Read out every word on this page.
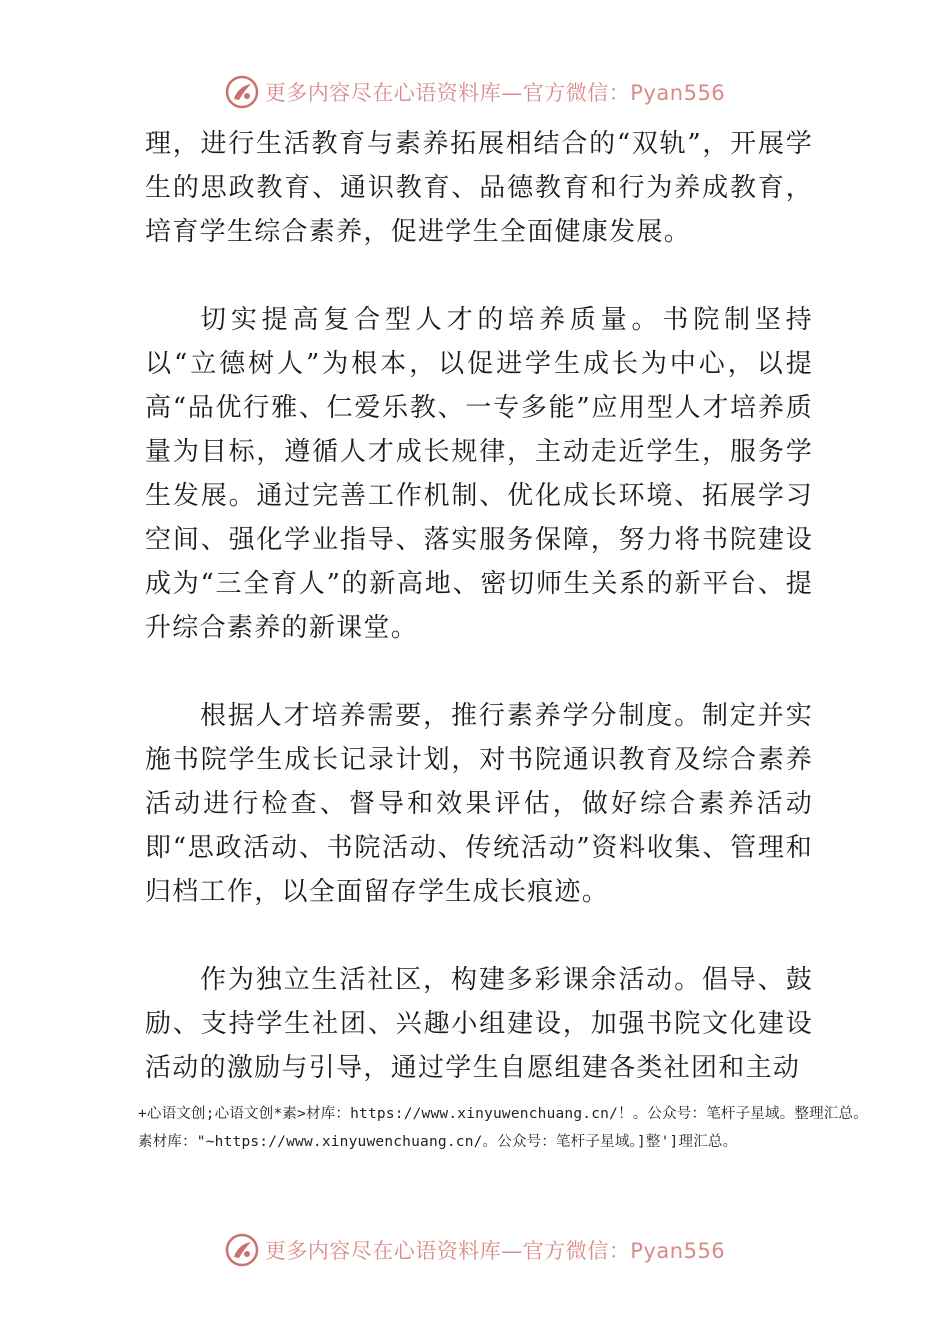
更多内容尽在心语资料库—官方微信：Pyan556

理，进行生活教育与素养拓展相结合的“双轨”，开展学生的思政教育、通识教育、品德教育和行为养成教育，培育学生综合素养，促进学生全面健康发展。

切实提高复合型人才的培养质量。书院制坚持以“立德树人”为根本，以促进学生成长为中心，以提高“品优行雅、仁爱乐教、一专多能”应用型人才培养质量为目标，遵循人才成长规律，主动走近学生，服务学生发展。通过完善工作机制、优化成长环境、拓展学习空间、强化学业指导、落实服务保障，努力将书院建设成为“三全育人”的新高地、密切师生关系的新平台、提升综合素养的新课堂。

根据人才培养需要，推行素养学分制度。制定并实施书院学生成长记录计划，对书院通识教育及综合素养活动进行检查、督导和效果评估，做好综合素养活动即“思政活动、书院活动、传统活动”资料收集、管理和归档工作，以全面留存学生成长痕迹。

作为独立生活社区，构建多彩课余活动。倡导、鼓励、支持学生社团、兴趣小组建设，加强书院文化建设活动的激励与引导，通过学生自愿组建各类社团和主动

+心语文创;心语文创*素>材库：https://www.xinyuwenchuang.cn/！。公众号：笔杆子星域。整理汇总。素材库："~https://www.xinyuwenchuang.cn/。公众号：笔杆子星域。]整']理汇总。
更多内容尽在心语资料库—官方微信：Pyan556
